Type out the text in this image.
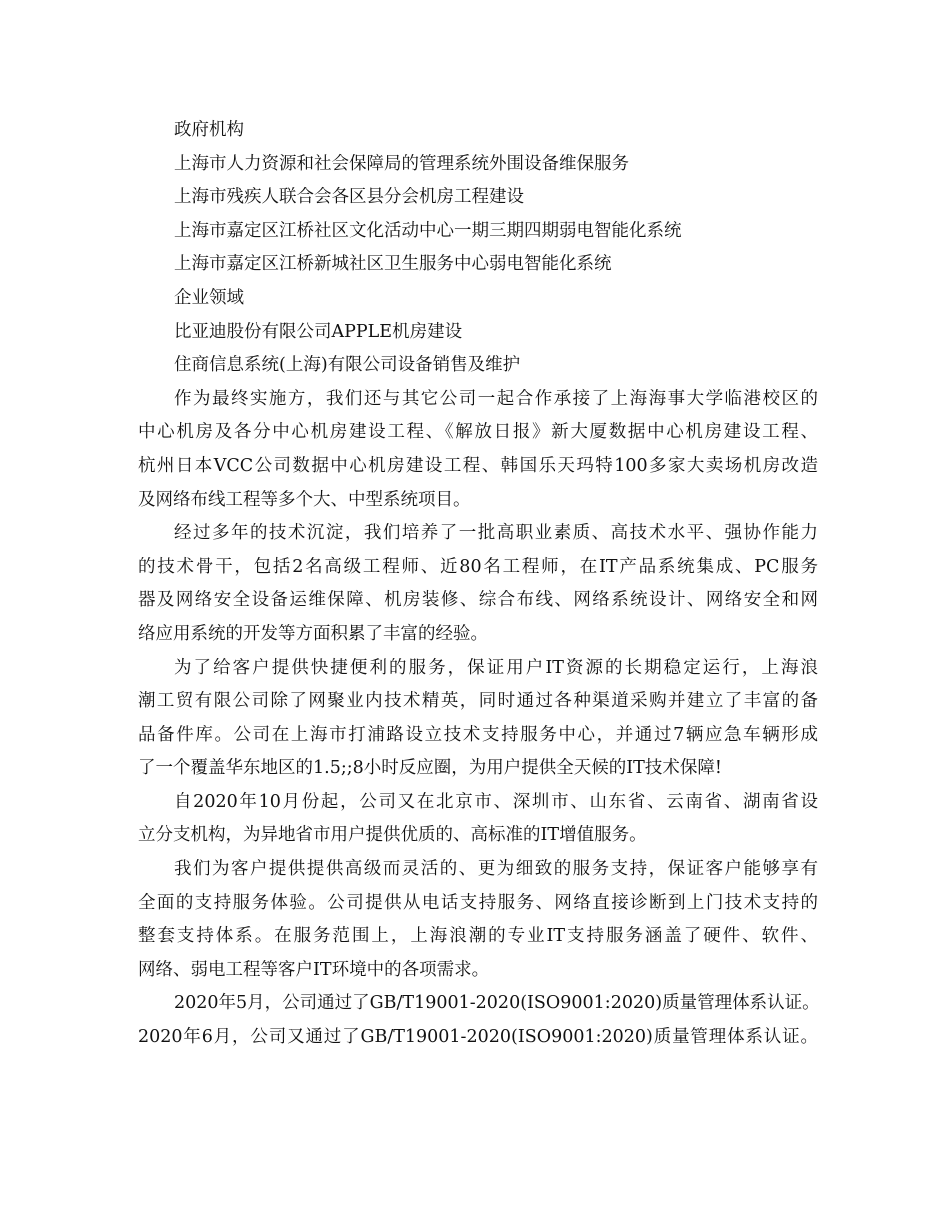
政府机构
上海市人力资源和社会保障局的管理系统外围设备维保服务
上海市残疾人联合会各区县分会机房工程建设
上海市嘉定区江桥社区文化活动中心一期三期四期弱电智能化系统
上海市嘉定区江桥新城社区卫生服务中心弱电智能化系统
企业领域
比亚迪股份有限公司APPLE机房建设
住商信息系统(上海)有限公司设备销售及维护
作为最终实施方，我们还与其它公司一起合作承接了上海海事大学临港校区的
中心机房及各分中心机房建设工程、《解放日报》新大厦数据中心机房建设工程、
杭州日本VCC公司数据中心机房建设工程、韩国乐天玛特100多家大卖场机房改造
及网络布线工程等多个大、中型系统项目。
经过多年的技术沉淀，我们培养了一批高职业素质、高技术水平、强协作能力
的技术骨干，包括2名高级工程师、近80名工程师，在IT产品系统集成、PC服务
器及网络安全设备运维保障、机房装修、综合布线、网络系统设计、网络安全和网
络应用系统的开发等方面积累了丰富的经验。
为了给客户提供快捷便利的服务，保证用户IT资源的长期稳定运行，上海浪
潮工贸有限公司除了网聚业内技术精英，同时通过各种渠道采购并建立了丰富的备
品备件库。公司在上海市打浦路设立技术支持服务中心，并通过7辆应急车辆形成
了一个覆盖华东地区的1.5;;8小时反应圈，为用户提供全天候的IT技术保障!
自2020年10月份起，公司又在北京市、深圳市、山东省、云南省、湖南省设
立分支机构，为异地省市用户提供优质的、高标准的IT增值服务。
我们为客户提供提供高级而灵活的、更为细致的服务支持，保证客户能够享有
全面的支持服务体验。公司提供从电话支持服务、网络直接诊断到上门技术支持的
整套支持体系。在服务范围上，上海浪潮的专业IT支持服务涵盖了硬件、软件、
网络、弱电工程等客户IT环境中的各项需求。
2020年5月，公司通过了GB/T19001-2020(ISO9001:2020)质量管理体系认证。
2020年6月，公司又通过了GB/T19001-2020(ISO9001:2020)质量管理体系认证。
